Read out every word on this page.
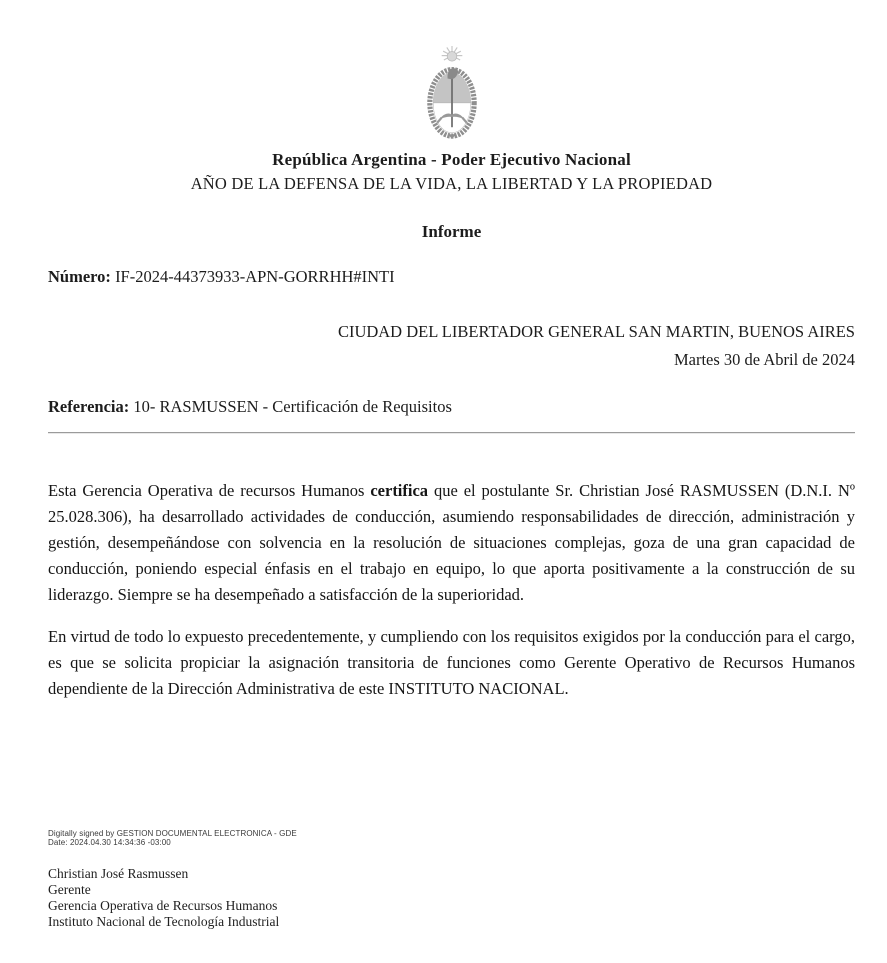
República Argentina - Poder Ejecutivo Nacional
AÑO DE LA DEFENSA DE LA VIDA, LA LIBERTAD Y LA PROPIEDAD
Informe
Número: IF-2024-44373933-APN-GORRHH#INTI
CIUDAD DEL LIBERTADOR GENERAL SAN MARTIN, BUENOS AIRES
Martes 30 de Abril de 2024
Referencia: 10- RASMUSSEN - Certificación de Requisitos

Esta Gerencia Operativa de recursos Humanos certifica que el postulante Sr. Christian José RASMUSSEN (D.N.I. Nº 25.028.306), ha desarrollado actividades de conducción, asumiendo responsabilidades de dirección, administración y gestión, desempeñándose con solvencia en la resolución de situaciones complejas, goza de una gran capacidad de conducción, poniendo especial énfasis en el trabajo en equipo, lo que aporta positivamente a la construcción de su liderazgo. Siempre se ha desempeñado a satisfacción de la superioridad.

En virtud de todo lo expuesto precedentemente, y cumpliendo con los requisitos exigidos por la conducción para el cargo, es que se solicita propiciar la asignación transitoria de funciones como Gerente Operativo de Recursos Humanos dependiente de la Dirección Administrativa de este INSTITUTO NACIONAL.

Digitally signed by GESTION DOCUMENTAL ELECTRONICA - GDE
Date: 2024.04.30 14:34:36 -03:00
Christian José Rasmussen
Gerente
Gerencia Operativa de Recursos Humanos
Instituto Nacional de Tecnología Industrial
